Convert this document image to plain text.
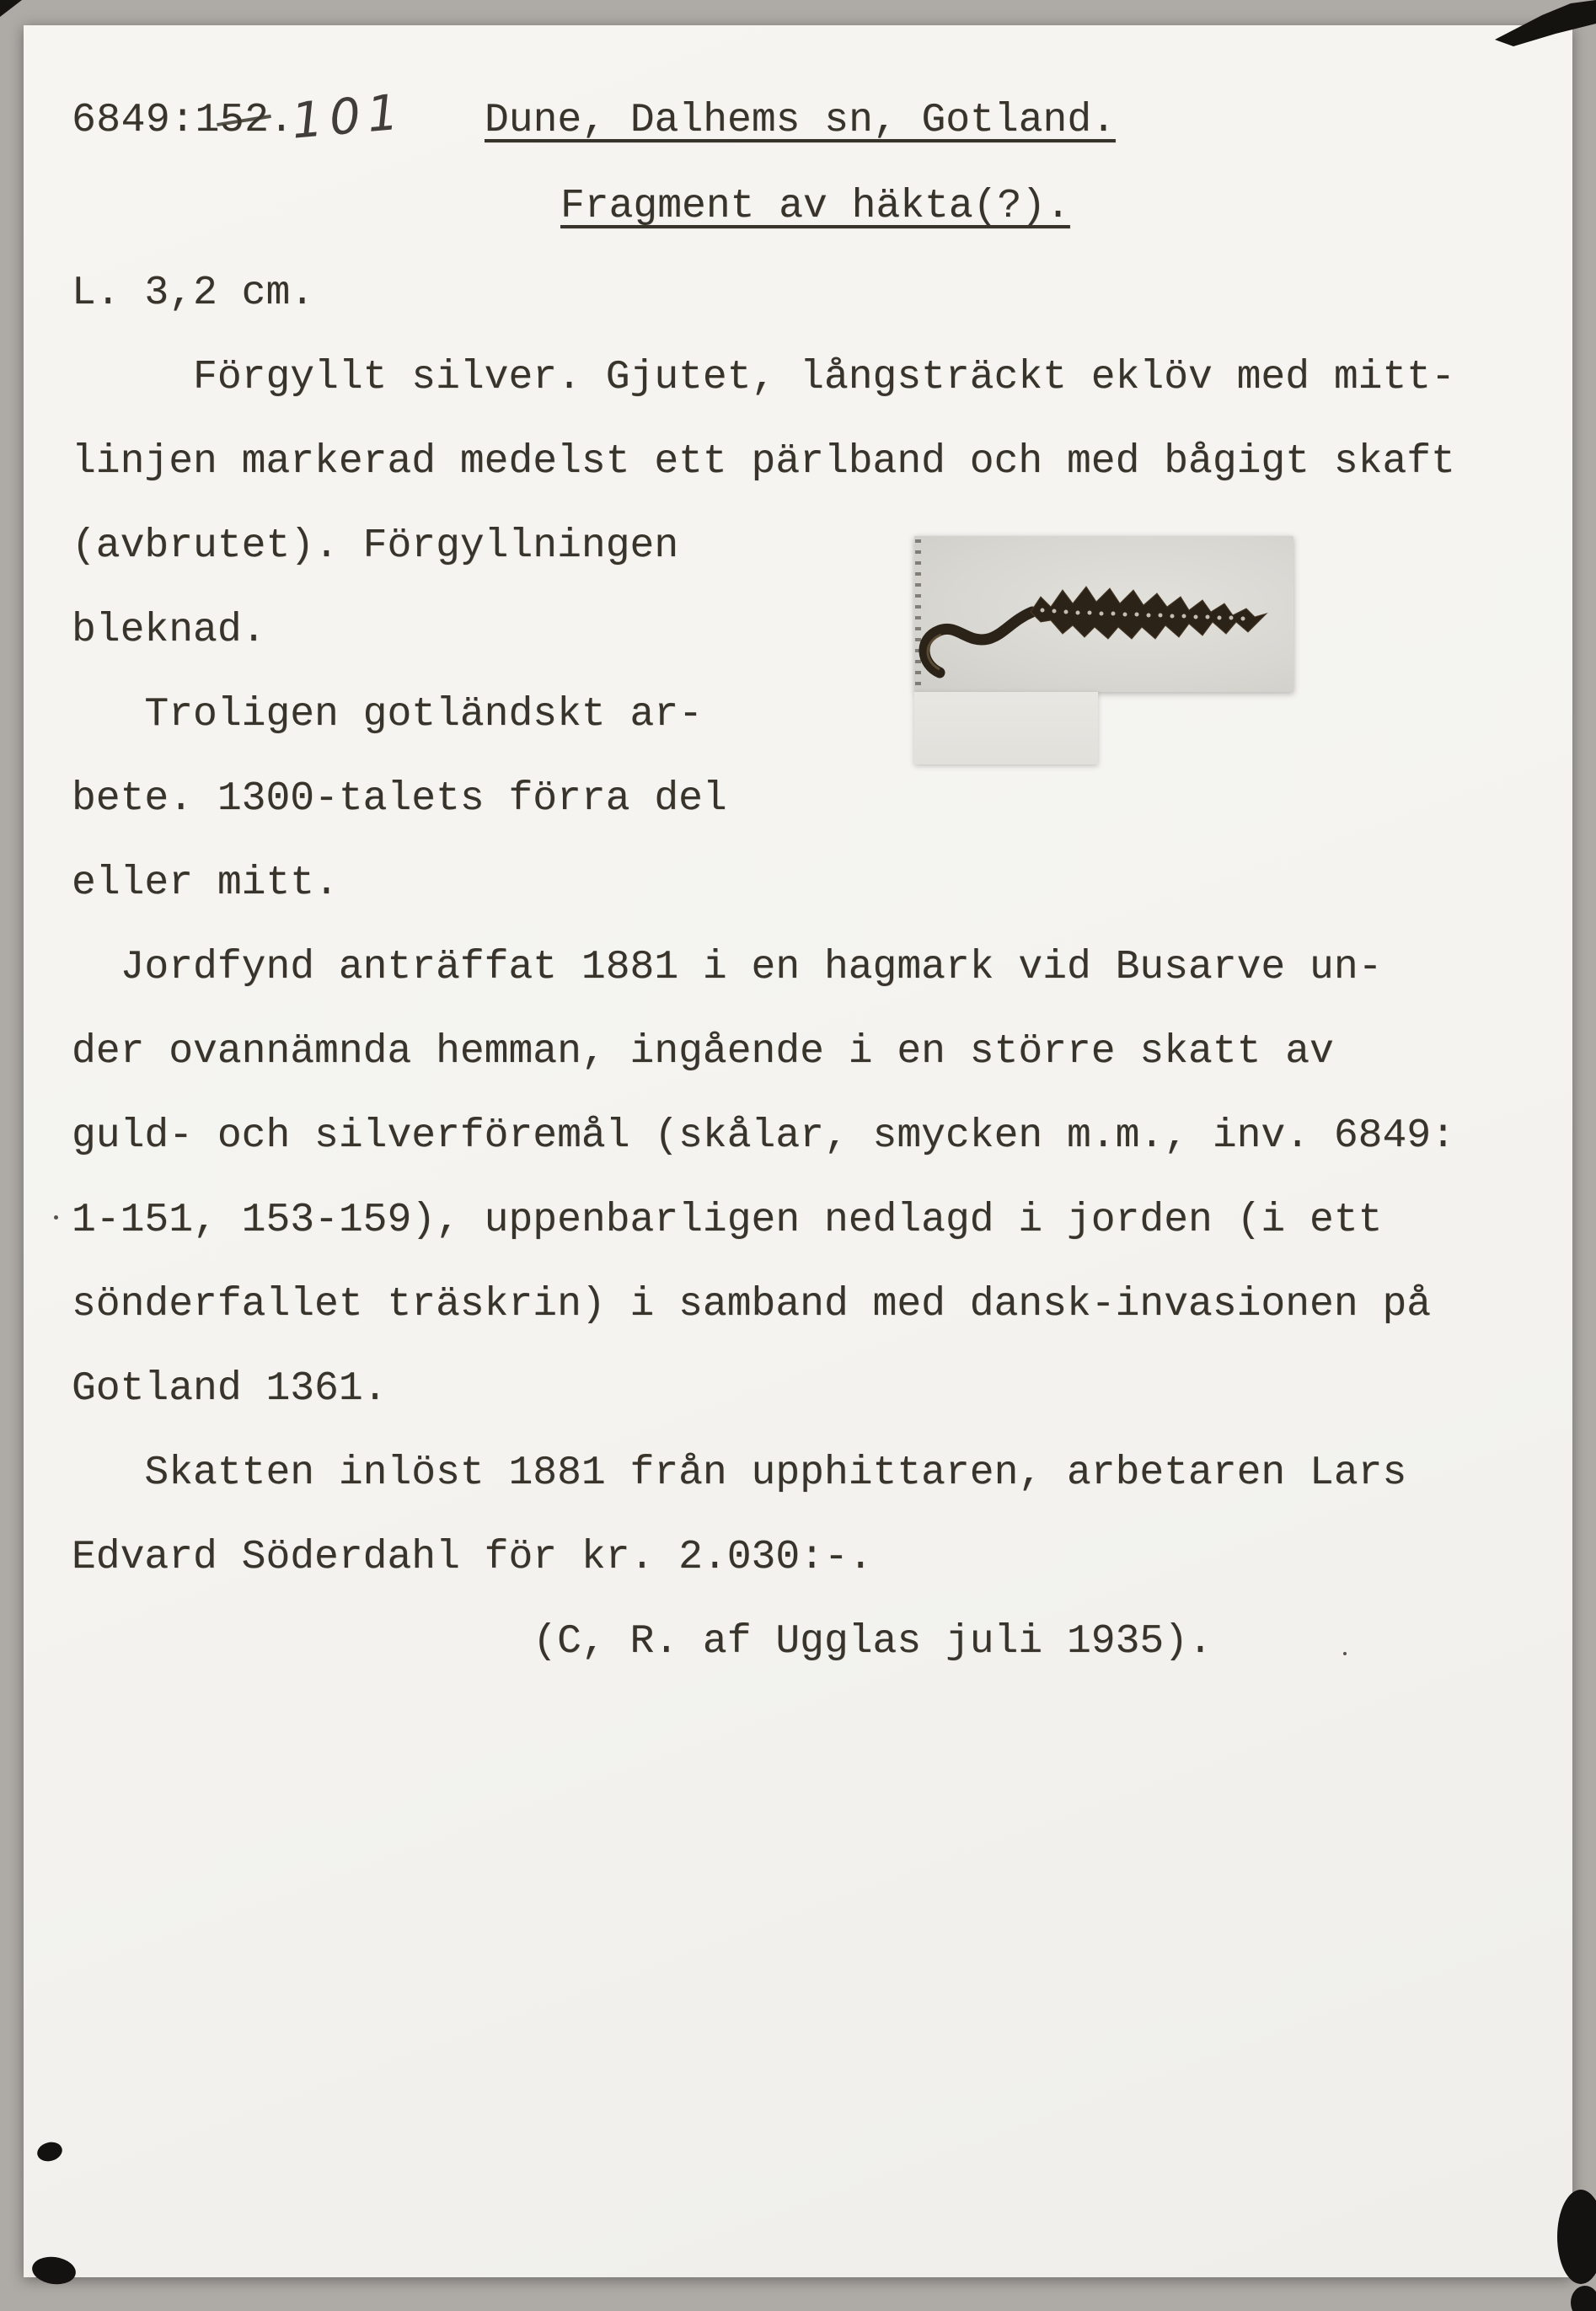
6849:152.
101 Dune, Dalhems sn, Gotland.
Fragment av häkta(?).
L. 3,2 cm.
Förgyllt silver. Gjutet, långsträckt eklöv med mitt-
linjen markerad medelst ett pärlband och med bågigt skaft
(avbrutet). Förgyllningen
bleknad.
Troligen gotländskt ar-
bete. 1300-talets förra del
eller mitt.
Jordfynd anträffat 1881 i en hagmark vid Busarve un-
der ovannämnda hemman, ingående i en större skatt av
guld- och silverföremål (skålar, smycken m.m., inv. 6849:
1-151, 153-159), uppenbarligen nedlagd i jorden (i ett
sönderfallet träskrin) i samband med dansk-invasionen på
Gotland 1361.
Skatten inlöst 1881 från upphittaren, arbetaren Lars
Edvard Söderdahl för kr. 2.030:-.
(C, R. af Ugglas juli 1935).
